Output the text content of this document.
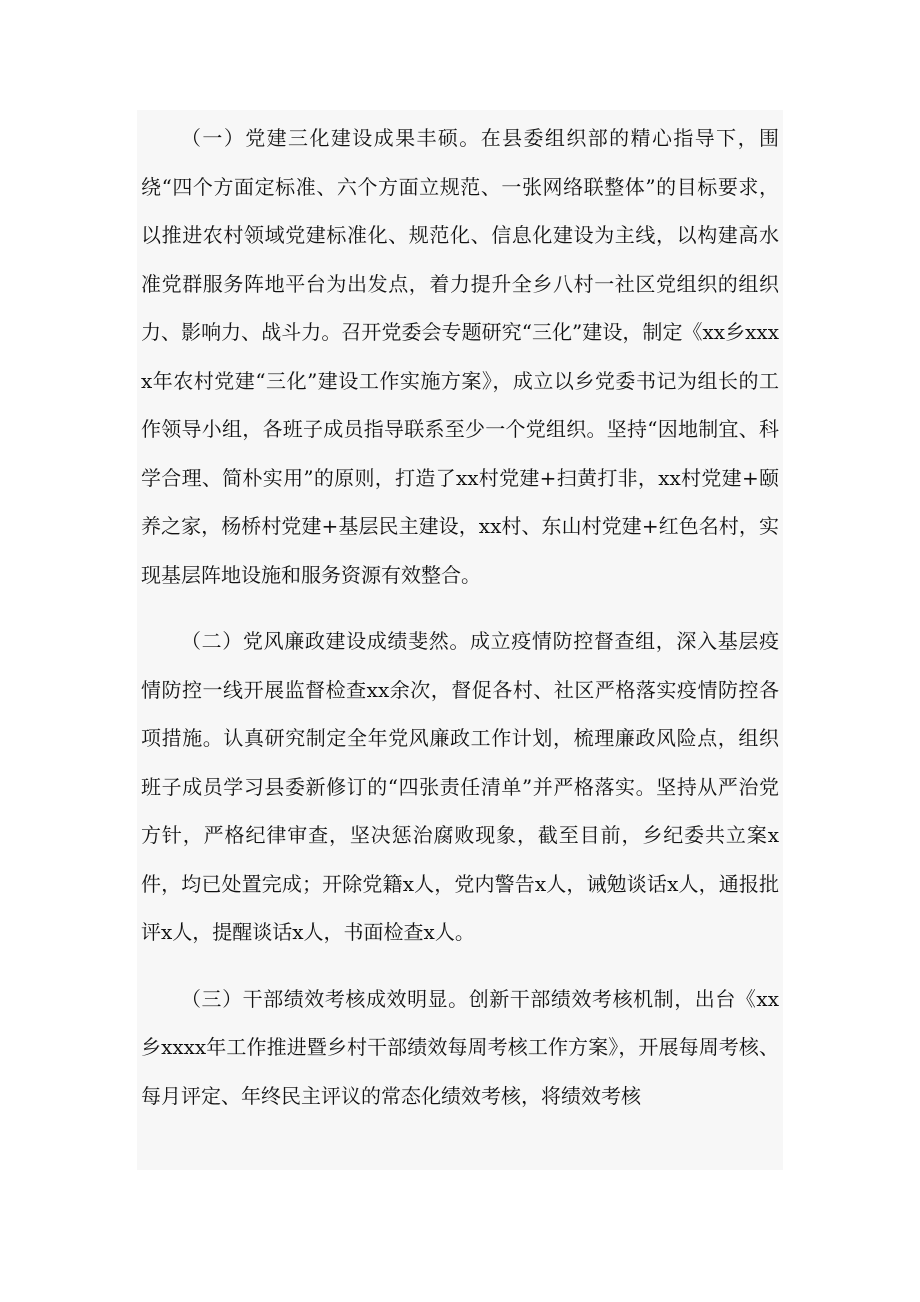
（一）党建三化建设成果丰硕。在县委组织部的精心指导下，围绕“四个方面定标准、六个方面立规范、一张网络联整体”的目标要求，以推进农村领域党建标准化、规范化、信息化建设为主线，以构建高水准党群服务阵地平台为出发点，着力提升全乡八村一社区党组织的组织力、影响力、战斗力。召开党委会专题研究“三化”建设，制定《xx乡xxxx年农村党建“三化”建设工作实施方案》，成立以乡党委书记为组长的工作领导小组，各班子成员指导联系至少一个党组织。坚持“因地制宜、科学合理、简朴实用”的原则，打造了xx村党建+扫黄打非，xx村党建+颐养之家，杨桥村党建+基层民主建设，xx村、东山村党建+红色名村，实现基层阵地设施和服务资源有效整合。

（二）党风廉政建设成绩斐然。成立疫情防控督查组，深入基层疫情防控一线开展监督检查xx余次，督促各村、社区严格落实疫情防控各项措施。认真研究制定全年党风廉政工作计划，梳理廉政风险点，组织班子成员学习县委新修订的“四张责任清单”并严格落实。坚持从严治党方针，严格纪律审查，坚决惩治腐败现象，截至目前，乡纪委共立案x件，均已处置完成；开除党籍x人，党内警告x人，诫勉谈话x人，通报批评x人，提醒谈话x人，书面检查x人。

（三）干部绩效考核成效明显。创新干部绩效考核机制，出台《xx乡xxxx年工作推进暨乡村干部绩效每周考核工作方案》，开展每周考核、每月评定、年终民主评议的常态化绩效考核，将绩效考核
